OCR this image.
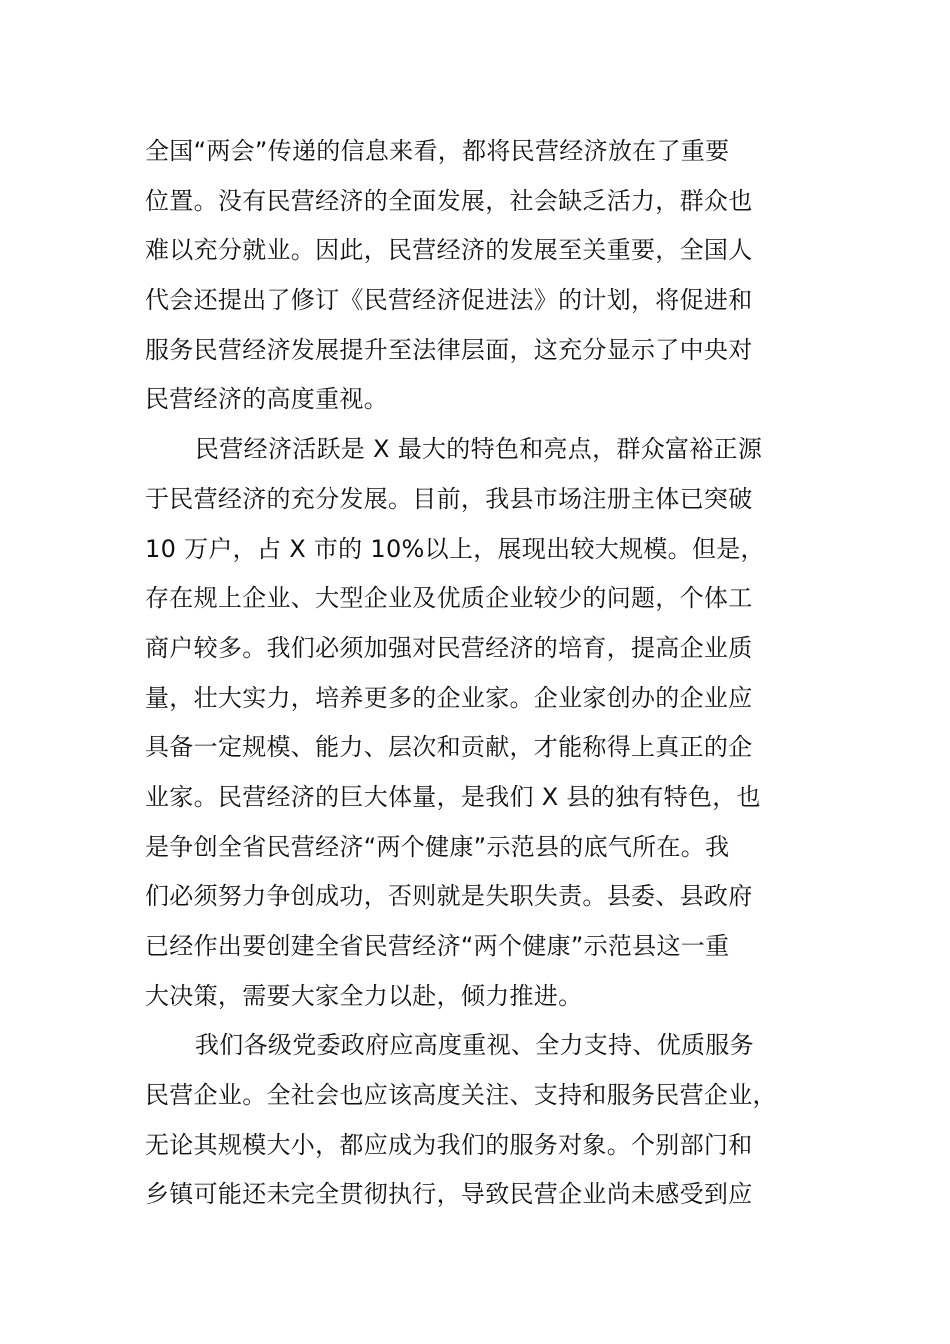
全国“两会”传递的信息来看，都将民营经济放在了重要
位置。没有民营经济的全面发展，社会缺乏活力，群众也
难以充分就业。因此，民营经济的发展至关重要，全国人
代会还提出了修订《民营经济促进法》的计划，将促进和
服务民营经济发展提升至法律层面，这充分显示了中央对
民营经济的高度重视。
民营经济活跃是 X 最大的特色和亮点，群众富裕正源
于民营经济的充分发展。目前，我县市场注册主体已突破
10 万户，占 X 市的 10%以上，展现出较大规模。但是，
存在规上企业、大型企业及优质企业较少的问题，个体工
商户较多。我们必须加强对民营经济的培育，提高企业质
量，壮大实力，培养更多的企业家。企业家创办的企业应
具备一定规模、能力、层次和贡献，才能称得上真正的企
业家。民营经济的巨大体量，是我们 X 县的独有特色，也
是争创全省民营经济“两个健康”示范县的底气所在。我
们必须努力争创成功，否则就是失职失责。县委、县政府
已经作出要创建全省民营经济“两个健康”示范县这一重
大决策，需要大家全力以赴，倾力推进。
我们各级党委政府应高度重视、全力支持、优质服务
民营企业。全社会也应该高度关注、支持和服务民营企业，
无论其规模大小，都应成为我们的服务对象。个别部门和
乡镇可能还未完全贯彻执行，导致民营企业尚未感受到应
